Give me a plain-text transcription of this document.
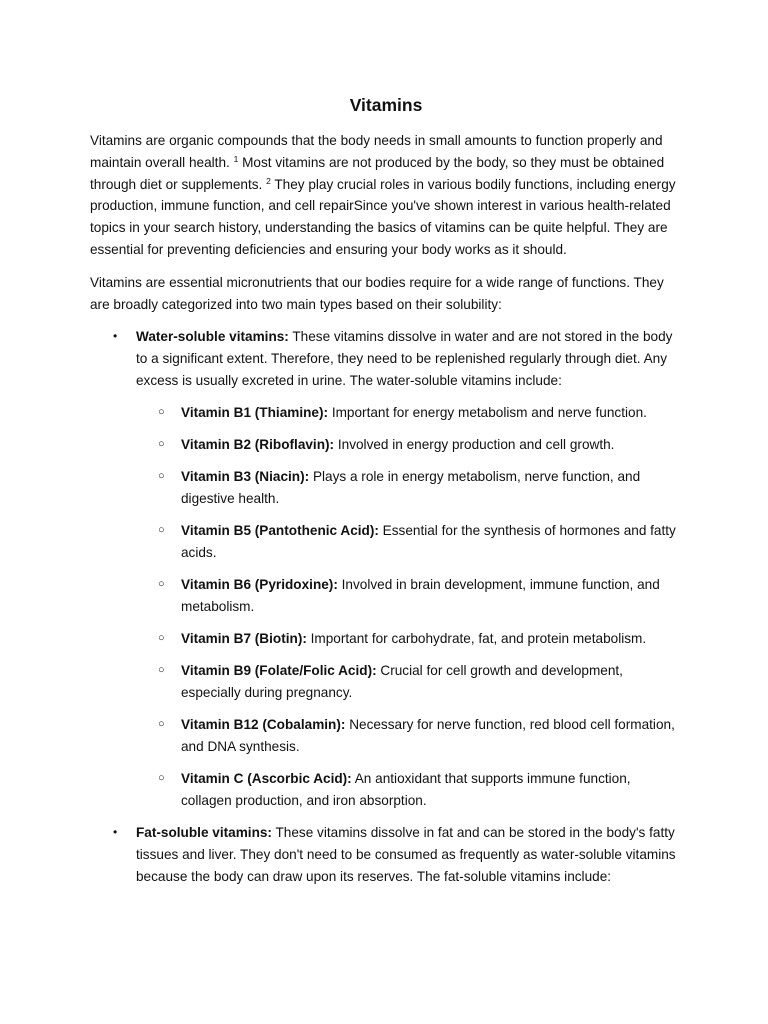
Vitamins

Vitamins are organic compounds that the body needs in small amounts to function properly and maintain overall health. $^1$ Most vitamins are not produced by the body, so they must be obtained through diet or supplements. $^2$ They play crucial roles in various bodily functions, including energy production, immune function, and cell repairSince you've shown interest in various health-related topics in your search history, understanding the basics of vitamins can be quite helpful. They are essential for preventing deficiencies and ensuring your body works as it should.

Vitamins are essential micronutrients that our bodies require for a wide range of functions. They are broadly categorized into two main types based on their solubility:

• Water-soluble vitamins: These vitamins dissolve in water and are not stored in the body to a significant extent. Therefore, they need to be replenished regularly through diet. Any excess is usually excreted in urine. The water-soluble vitamins include:
○ Vitamin B1 (Thiamine): Important for energy metabolism and nerve function.
○ Vitamin B2 (Riboflavin): Involved in energy production and cell growth.
○ Vitamin B3 (Niacin): Plays a role in energy metabolism, nerve function, and digestive health.
○ Vitamin B5 (Pantothenic Acid): Essential for the synthesis of hormones and fatty acids.
○ Vitamin B6 (Pyridoxine): Involved in brain development, immune function, and metabolism.
○ Vitamin B7 (Biotin): Important for carbohydrate, fat, and protein metabolism.
○ Vitamin B9 (Folate/Folic Acid): Crucial for cell growth and development, especially during pregnancy.
○ Vitamin B12 (Cobalamin): Necessary for nerve function, red blood cell formation, and DNA synthesis.
○ Vitamin C (Ascorbic Acid): An antioxidant that supports immune function, collagen production, and iron absorption.
• Fat-soluble vitamins: These vitamins dissolve in fat and can be stored in the body's fatty tissues and liver. They don't need to be consumed as frequently as water-soluble vitamins because the body can draw upon its reserves. The fat-soluble vitamins include:
